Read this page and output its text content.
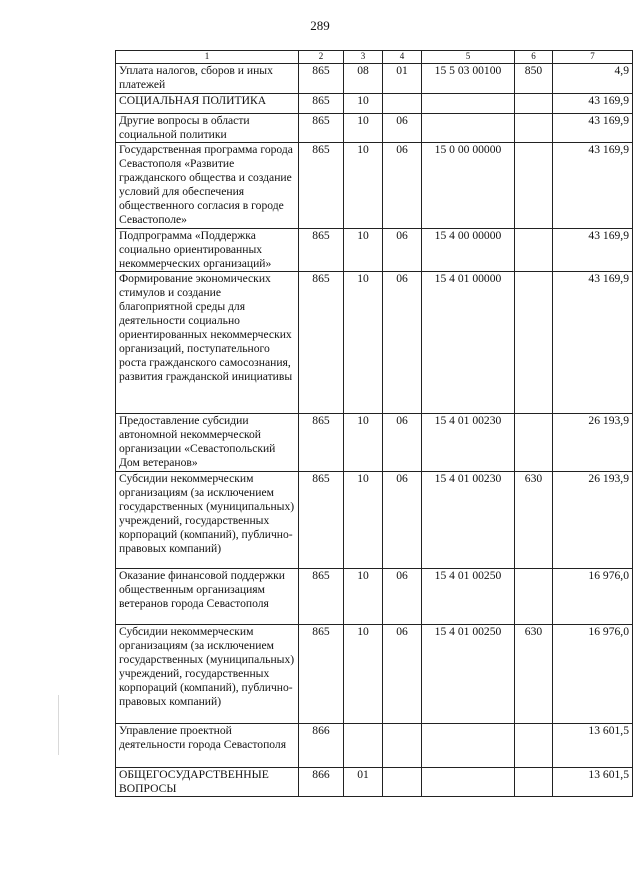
289
1	2	3	4	5	6	7
Уплата налогов, сборов и иных платежей	865	08	01	15 5 03 00100	850	4,9
СОЦИАЛЬНАЯ ПОЛИТИКА	865	10				43 169,9
Другие вопросы в области социальной политики	865	10	06			43 169,9
Государственная программа города Севастополя «Развитие гражданского общества и создание условий для обеспечения общественного согласия в городе Севастополе»	865	10	06	15 0 00 00000		43 169,9
Подпрограмма «Поддержка социально ориентированных некоммерческих организаций»	865	10	06	15 4 00 00000		43 169,9
Формирование экономических стимулов и создание благоприятной среды для деятельности социально ориентированных некоммерческих организаций, поступательного роста гражданского самосознания, развития гражданской инициативы	865	10	06	15 4 01 00000		43 169,9
Предоставление субсидии автономной некоммерческой организации «Севастопольский Дом ветеранов»	865	10	06	15 4 01 00230		26 193,9
Субсидии некоммерческим организациям (за исключением государственных (муниципальных) учреждений, государственных корпораций (компаний), публично-правовых компаний)	865	10	06	15 4 01 00230	630	26 193,9
Оказание финансовой поддержки общественным организациям ветеранов города Севастополя	865	10	06	15 4 01 00250		16 976,0
Субсидии некоммерческим организациям (за исключением государственных (муниципальных) учреждений, государственных корпораций (компаний), публично-правовых компаний)	865	10	06	15 4 01 00250	630	16 976,0
Управление проектной деятельности города Севастополя	866					13 601,5
ОБЩЕГОСУДАРСТВЕННЫЕ ВОПРОСЫ	866	01				13 601,5
